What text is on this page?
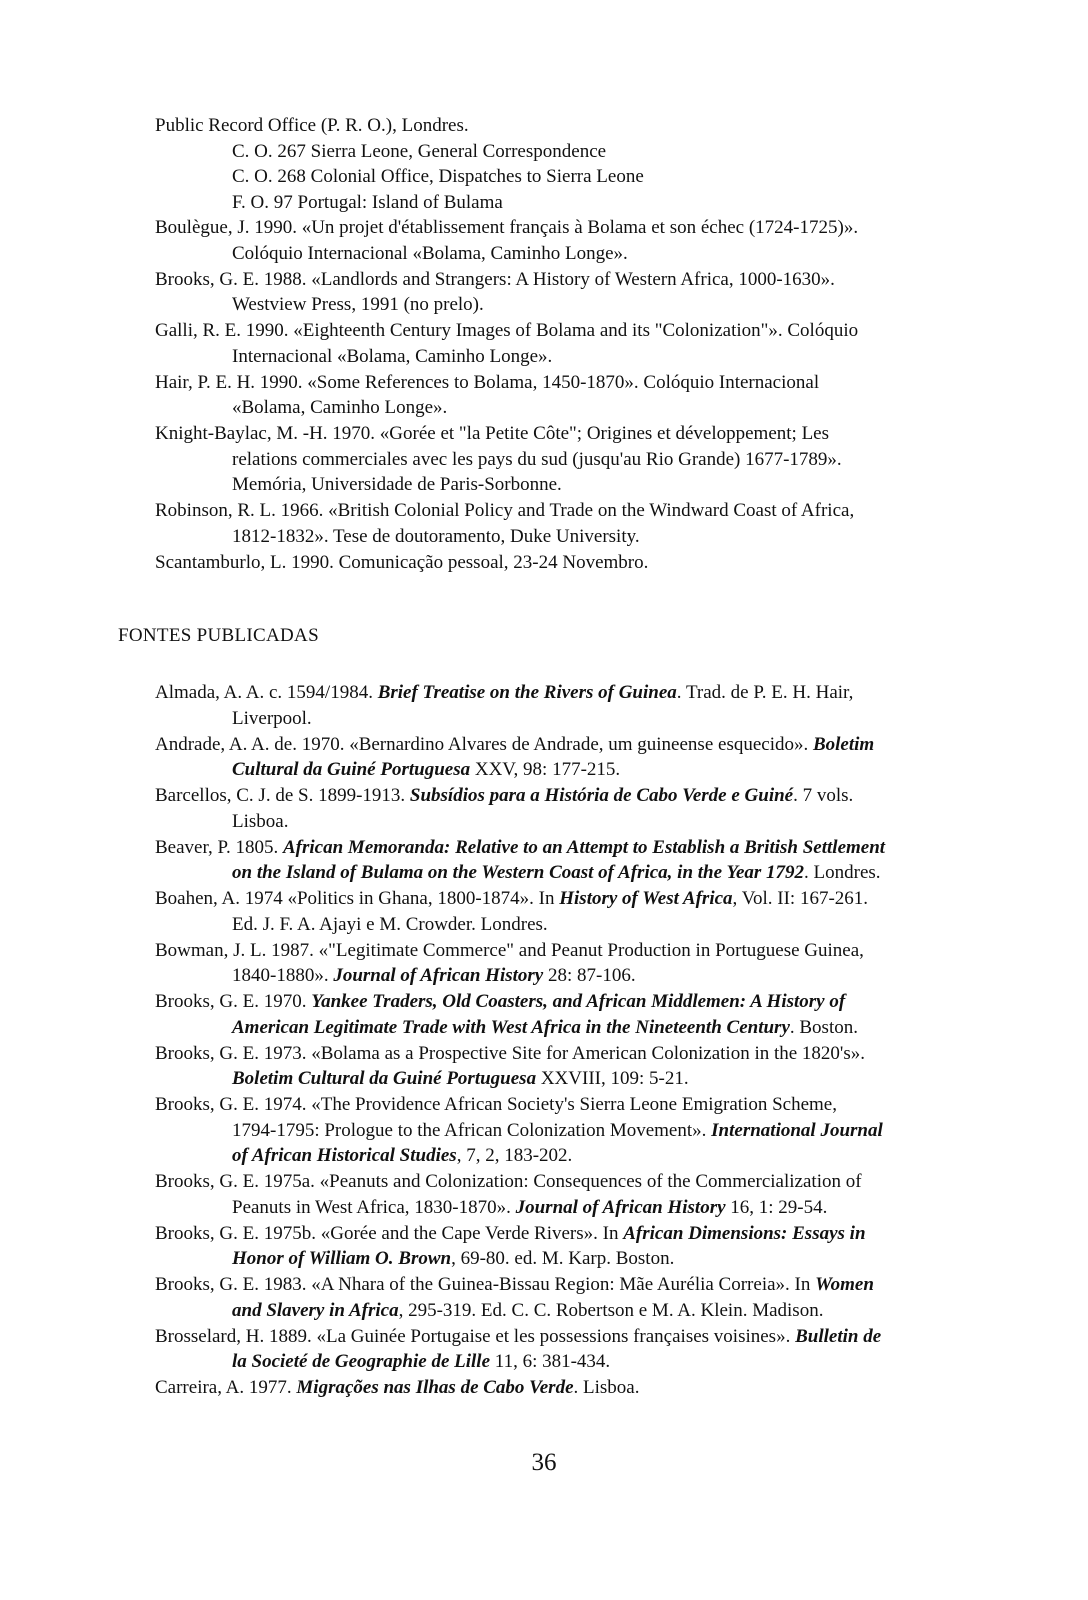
Public Record Office (P. R. O.), Londres.
C. O. 267 Sierra Leone, General Correspondence
C. O. 268 Colonial Office, Dispatches to Sierra Leone
F. O. 97 Portugal: Island of Bulama
Boulègue, J. 1990. «Un projet d'établissement français à Bolama et son échec (1724-1725)».
Colóquio Internacional «Bolama, Caminho Longe».
Brooks, G. E. 1988. «Landlords and Strangers: A History of Western Africa, 1000-1630».
Westview Press, 1991 (no prelo).
Galli, R. E. 1990. «Eighteenth Century Images of Bolama and its "Colonization"». Colóquio
Internacional «Bolama, Caminho Longe».
Hair, P. E. H. 1990. «Some References to Bolama, 1450-1870». Colóquio Internacional
«Bolama, Caminho Longe».
Knight-Baylac, M. -H. 1970. «Gorée et "la Petite Côte"; Origines et développement; Les
relations commerciales avec les pays du sud (jusqu'au Rio Grande) 1677-1789».
Memória, Universidade de Paris-Sorbonne.
Robinson, R. L. 1966. «British Colonial Policy and Trade on the Windward Coast of Africa,
1812-1832». Tese de doutoramento, Duke University.
Scantamburlo, L. 1990. Comunicação pessoal, 23-24 Novembro.
FONTES PUBLICADAS
Almada, A. A. c. 1594/1984. Brief Treatise on the Rivers of Guinea. Trad. de P. E. H. Hair,
Liverpool.
Andrade, A. A. de. 1970. «Bernardino Alvares de Andrade, um guineense esquecido». Boletim
Cultural da Guiné Portuguesa XXV, 98: 177-215.
Barcellos, C. J. de S. 1899-1913. Subsídios para a História de Cabo Verde e Guiné. 7 vols.
Lisboa.
Beaver, P. 1805. African Memoranda: Relative to an Attempt to Establish a British Settlement
on the Island of Bulama on the Western Coast of Africa, in the Year 1792. Londres.
Boahen, A. 1974 «Politics in Ghana, 1800-1874». In History of West Africa, Vol. II: 167-261.
Ed. J. F. A. Ajayi e M. Crowder. Londres.
Bowman, J. L. 1987. «"Legitimate Commerce" and Peanut Production in Portuguese Guinea,
1840-1880». Journal of African History 28: 87-106.
Brooks, G. E. 1970. Yankee Traders, Old Coasters, and African Middlemen: A History of
American Legitimate Trade with West Africa in the Nineteenth Century. Boston.
Brooks, G. E. 1973. «Bolama as a Prospective Site for American Colonization in the 1820's».
Boletim Cultural da Guiné Portuguesa XXVIII, 109: 5-21.
Brooks, G. E. 1974. «The Providence African Society's Sierra Leone Emigration Scheme,
1794-1795: Prologue to the African Colonization Movement». International Journal
of African Historical Studies, 7, 2, 183-202.
Brooks, G. E. 1975a. «Peanuts and Colonization: Consequences of the Commercialization of
Peanuts in West Africa, 1830-1870». Journal of African History 16, 1: 29-54.
Brooks, G. E. 1975b. «Gorée and the Cape Verde Rivers». In African Dimensions: Essays in
Honor of William O. Brown, 69-80. ed. M. Karp. Boston.
Brooks, G. E. 1983. «A Nhara of the Guinea-Bissau Region: Mãe Aurélia Correia». In Women
and Slavery in Africa, 295-319. Ed. C. C. Robertson e M. A. Klein. Madison.
Brosselard, H. 1889. «La Guinée Portugaise et les possessions françaises voisines». Bulletin de
la Societé de Geographie de Lille 11, 6: 381-434.
Carreira, A. 1977. Migrações nas Ilhas de Cabo Verde. Lisboa.
36
